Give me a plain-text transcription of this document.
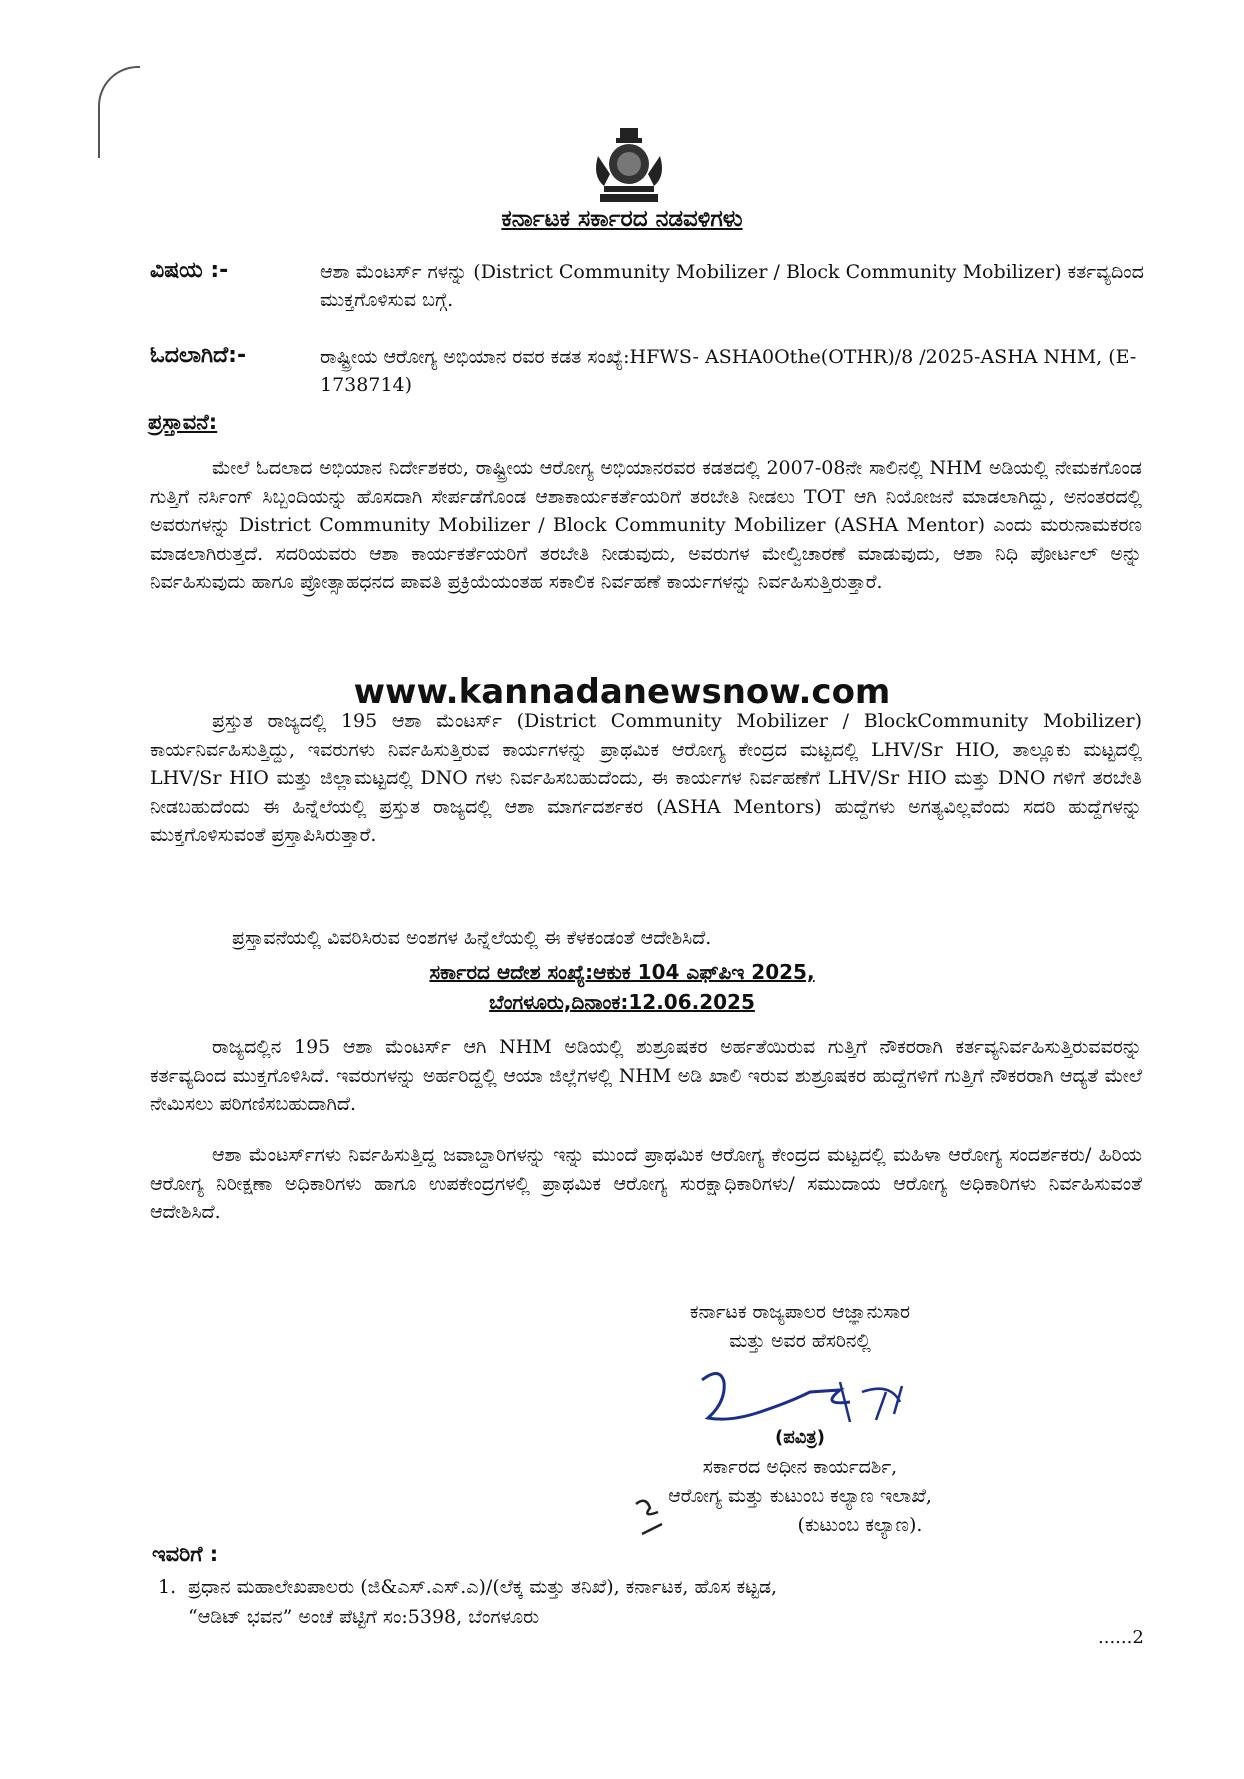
ಕರ್ನಾಟಕ ಸರ್ಕಾರದ ನಡವಳಿಗಳು
ವಿಷಯ :-	ಆಶಾ ಮೆಂಟರ್ಸ್ ಗಳನ್ನು (District Community Mobilizer / Block Community Mobilizer) ಕರ್ತವ್ಯದಿಂದ ಮುಕ್ತಗೊಳಿಸುವ ಬಗ್ಗೆ.
ಓದಲಾಗಿದೆ:-	ರಾಷ್ಟ್ರೀಯ ಆರೋಗ್ಯ ಅಭಿಯಾನ ರವರ ಕಡತ ಸಂಖ್ಯೆ:HFWS- ASHA0Othe(OTHR)/8 /2025-ASHA NHM, (E-1738714)
ಪ್ರಸ್ತಾವನೆ:
ಮೇಲೆ ಓದಲಾದ ಅಭಿಯಾನ ನಿರ್ದೇಶಕರು, ರಾಷ್ಟ್ರೀಯ ಆರೋಗ್ಯ ಅಭಿಯಾನರವರ ಕಡತದಲ್ಲಿ 2007-08ನೇ ಸಾಲಿನಲ್ಲಿ NHM ಅಡಿಯಲ್ಲಿ ನೇಮಕಗೊಂಡ ಗುತ್ತಿಗೆ ನರ್ಸಿಂಗ್ ಸಿಬ್ಬಂದಿಯನ್ನು ಹೊಸದಾಗಿ ಸೇರ್ಪಡೆಗೊಂಡ ಆಶಾಕಾರ್ಯಕರ್ತೆಯರಿಗೆ ತರಬೇತಿ ನೀಡಲು TOT ಆಗಿ ನಿಯೋಜನೆ ಮಾಡಲಾಗಿದ್ದು, ಅನಂತರದಲ್ಲಿ ಅವರುಗಳನ್ನು District Community Mobilizer / Block Community Mobilizer (ASHA Mentor) ಎಂದು ಮರುನಾಮಕರಣ ಮಾಡಲಾಗಿರುತ್ತದೆ. ಸದರಿಯವರು ಆಶಾ ಕಾರ್ಯಕರ್ತೆಯರಿಗೆ ತರಬೇತಿ ನೀಡುವುದು, ಅವರುಗಳ ಮೇಲ್ವಿಚಾರಣೆ ಮಾಡುವುದು, ಆಶಾ ನಿಧಿ ಪೋರ್ಟಲ್ ಅನ್ನು ನಿರ್ವಹಿಸುವುದು ಹಾಗೂ ಪ್ರೋತ್ಸಾಹಧನದ ಪಾವತಿ ಪ್ರಕ್ರಿಯೆಯಂತಹ ಸಕಾಲಿಕ ನಿರ್ವಹಣೆ ಕಾರ್ಯಗಳನ್ನು ನಿರ್ವಹಿಸುತ್ತಿರುತ್ತಾರೆ.
www.kannadanewsnow.com
ಪ್ರಸ್ತುತ ರಾಜ್ಯದಲ್ಲಿ 195 ಆಶಾ ಮೆಂಟರ್ಸ್ (District Community Mobilizer / BlockCommunity Mobilizer) ಕಾರ್ಯನಿರ್ವಹಿಸುತ್ತಿದ್ದು, ಇವರುಗಳು ನಿರ್ವಹಿಸುತ್ತಿರುವ ಕಾರ್ಯಗಳನ್ನು ಪ್ರಾಥಮಿಕ ಆರೋಗ್ಯ ಕೇಂದ್ರದ ಮಟ್ಟದಲ್ಲಿ LHV/Sr HIO, ತಾಲ್ಲೂಕು ಮಟ್ಟದಲ್ಲಿ LHV/Sr HIO ಮತ್ತು ಜಿಲ್ಲಾಮಟ್ಟದಲ್ಲಿ DNO ಗಳು ನಿರ್ವಹಿಸಬಹುದೆಂದು, ಈ ಕಾರ್ಯಗಳ ನಿರ್ವಹಣೆಗೆ LHV/Sr HIO ಮತ್ತು DNO ಗಳಿಗೆ ತರಬೇತಿ ನೀಡಬಹುದೆಂದು ಈ ಹಿನ್ನೆಲೆಯಲ್ಲಿ ಪ್ರಸ್ತುತ ರಾಜ್ಯದಲ್ಲಿ ಆಶಾ ಮಾರ್ಗದರ್ಶಕರ (ASHA Mentors) ಹುದ್ದೆಗಳು ಅಗತ್ಯವಿಲ್ಲವೆಂದು ಸದರಿ ಹುದ್ದೆಗಳನ್ನು ಮುಕ್ತಗೊಳಿಸುವಂತೆ ಪ್ರಸ್ತಾಪಿಸಿರುತ್ತಾರೆ.
ಪ್ರಸ್ತಾವನೆಯಲ್ಲಿ ವಿವರಿಸಿರುವ ಅಂಶಗಳ ಹಿನ್ನೆಲೆಯಲ್ಲಿ ಈ ಕೆಳಕಂಡಂತೆ ಆದೇಶಿಸಿದೆ.
ಸರ್ಕಾರದ ಆದೇಶ ಸಂಖ್ಯೆ:ಆಕುಕ 104 ಎಫ್‌ಪಿಇ 2025,
ಬೆಂಗಳೂರು,ದಿನಾಂಕ:12.06.2025
ರಾಜ್ಯದಲ್ಲಿನ 195 ಆಶಾ ಮೆಂಟರ್ಸ್ ಆಗಿ NHM ಅಡಿಯಲ್ಲಿ ಶುಶ್ರೂಷಕರ ಅರ್ಹತೆಯಿರುವ ಗುತ್ತಿಗೆ ನೌಕರರಾಗಿ ಕರ್ತವ್ಯನಿರ್ವಹಿಸುತ್ತಿರುವವರನ್ನು ಕರ್ತವ್ಯದಿಂದ ಮುಕ್ತಗೊಳಿಸಿದೆ. ಇವರುಗಳನ್ನು ಅರ್ಹರಿದ್ದಲ್ಲಿ ಆಯಾ ಜಿಲ್ಲೆಗಳಲ್ಲಿ NHM ಅಡಿ ಖಾಲಿ ಇರುವ ಶುಶ್ರೂಷಕರ ಹುದ್ದೆಗಳಿಗೆ ಗುತ್ತಿಗೆ ನೌಕರರಾಗಿ ಆದ್ಯತೆ ಮೇಲೆ ನೇಮಿಸಲು ಪರಿಗಣಿಸಬಹುದಾಗಿದೆ.
ಆಶಾ ಮೆಂಟರ್ಸ್‌ಗಳು ನಿರ್ವಹಿಸುತ್ತಿದ್ದ ಜವಾಬ್ದಾರಿಗಳನ್ನು ಇನ್ನು ಮುಂದೆ ಪ್ರಾಥಮಿಕ ಆರೋಗ್ಯ ಕೇಂದ್ರದ ಮಟ್ಟದಲ್ಲಿ ಮಹಿಳಾ ಆರೋಗ್ಯ ಸಂದರ್ಶಕರು/ ಹಿರಿಯ ಆರೋಗ್ಯ ನಿರೀಕ್ಷಣಾ ಅಧಿಕಾರಿಗಳು ಹಾಗೂ ಉಪಕೇಂದ್ರಗಳಲ್ಲಿ ಪ್ರಾಥಮಿಕ ಆರೋಗ್ಯ ಸುರಕ್ಷಾಧಿಕಾರಿಗಳು/ ಸಮುದಾಯ ಆರೋಗ್ಯ ಅಧಿಕಾರಿಗಳು ನಿರ್ವಹಿಸುವಂತೆ ಆದೇಶಿಸಿದೆ.
ಕರ್ನಾಟಕ ರಾಜ್ಯಪಾಲರ ಆಜ್ಞಾನುಸಾರ
ಮತ್ತು ಅವರ ಹೆಸರಿನಲ್ಲಿ
(ಪವಿತ್ರ)
ಸರ್ಕಾರದ ಅಧೀನ ಕಾರ್ಯದರ್ಶಿ,
ಆರೋಗ್ಯ ಮತ್ತು ಕುಟುಂಬ ಕಲ್ಯಾಣ ಇಲಾಖೆ,
(ಕುಟುಂಬ ಕಲ್ಯಾಣ).
ಇವರಿಗೆ :
1. ಪ್ರಧಾನ ಮಹಾಲೇಖಪಾಲರು (ಜಿ&ಎಸ್.ಎಸ್.ಎ)/(ಲೆಕ್ಕ ಮತ್ತು ತನಿಖೆ), ಕರ್ನಾಟಕ, ಹೊಸ ಕಟ್ಟಡ,
“ಆಡಿಟ್ ಭವನ” ಅಂಚೆ ಪೆಟ್ಟಿಗೆ ಸಂ:5398, ಬೆಂಗಳೂರು
......2
